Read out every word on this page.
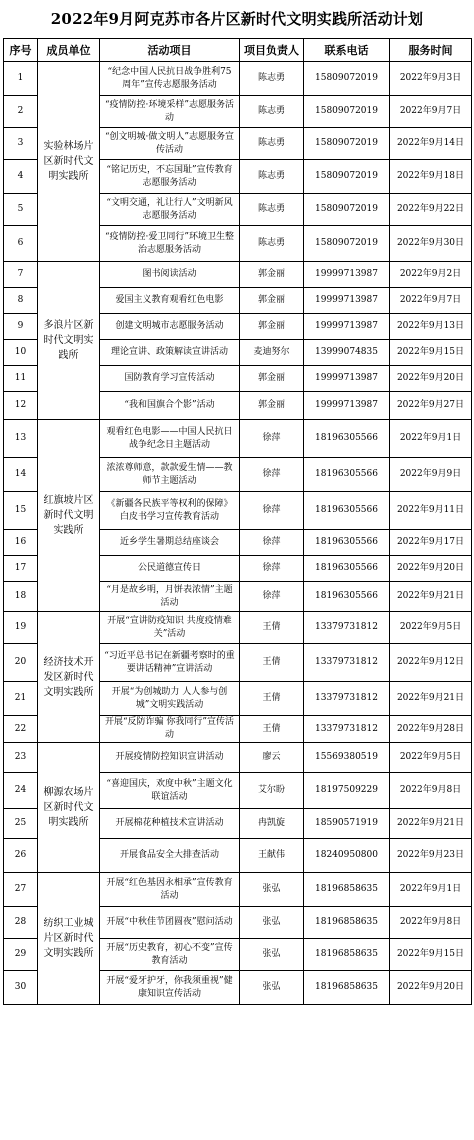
2022年9月阿克苏市各片区新时代文明实践所活动计划
序号	成员单位	活动项目	项目负责人	联系电话	服务时间
1	实验林场片区新时代文明实践所	“纪念中国人民抗日战争胜利75周年”宣传志愿服务活动	陈志勇	15809072019	2022年9月3日
2		“疫情防控·环境采样”志愿服务活动	陈志勇	15809072019	2022年9月7日
3		“创文明城·做文明人”志愿服务宣传活动	陈志勇	15809072019	2022年9月14日
4		“铭记历史，不忘国耻”宣传教育志愿服务活动	陈志勇	15809072019	2022年9月18日
5		“文明交通，礼让行人”文明新风志愿服务活动	陈志勇	15809072019	2022年9月22日
6		“疫情防控·爱卫同行”环境卫生整治志愿服务活动	陈志勇	15809072019	2022年9月30日
7	多浪片区新时代文明实践所	图书阅读活动	郭金丽	19999713987	2022年9月2日
8		爱国主义教育观看红色电影	郭金丽	19999713987	2022年9月7日
9		创建文明城市志愿服务活动	郭金丽	19999713987	2022年9月13日
10		理论宣讲、政策解读宣讲活动	麦迪努尔	13999074835	2022年9月15日
11		国防教育学习宣传活动	郭金丽	19999713987	2022年9月20日
12		“我和国旗合个影”活动	郭金丽	19999713987	2022年9月27日
13	红旗坡片区新时代文明实践所	观看红色电影——中国人民抗日战争纪念日主题活动	徐萍	18196305566	2022年9月1日
14		浓浓尊师意，款款爱生情——教师节主题活动	徐萍	18196305566	2022年9月9日
15		《新疆各民族平等权利的保障》白皮书学习宣传教育活动	徐萍	18196305566	2022年9月11日
16		近乡学生暑期总结座谈会	徐萍	18196305566	2022年9月17日
17		公民道德宣传日	徐萍	18196305566	2022年9月20日
18		“月是故乡明，月饼表浓情”主题活动	徐萍	18196305566	2022年9月21日
19	经济技术开发区新时代文明实践所	开展“宣讲防疫知识 共度疫情难关”活动	王倩	13379731812	2022年9月5日
20		“习近平总书记在新疆考察时的重要讲话精神”宣讲活动	王倩	13379731812	2022年9月12日
21		开展“为创城助力 人人参与创城”文明实践活动	王倩	13379731812	2022年9月21日
22		开展“反防诈骗 你我同行”宣传活动	王倩	13379731812	2022年9月28日
23	柳源农场片区新时代文明实践所	开展疫情防控知识宣讲活动	廖云	15569380519	2022年9月5日
24		“喜迎国庆，欢度中秋”主题文化联谊活动	艾尔盼	18197509229	2022年9月8日
25		开展棉花种植技术宣讲活动	冉凯旋	18590571919	2022年9月21日
26		开展食品安全大排查活动	王献伟	18240950800	2022年9月23日
27	纺织工业城片区新时代文明实践所	开展“红色基因永相承”宣传教育活动	张弘	18196858635	2022年9月1日
28		开展“中秋佳节团圆夜”慰问活动	张弘	18196858635	2022年9月8日
29		开展“历史教育，初心不变”宣传教育活动	张弘	18196858635	2022年9月15日
30		开展“爱牙护牙，你我须重视”健康知识宣传活动	张弘	18196858635	2022年9月20日
